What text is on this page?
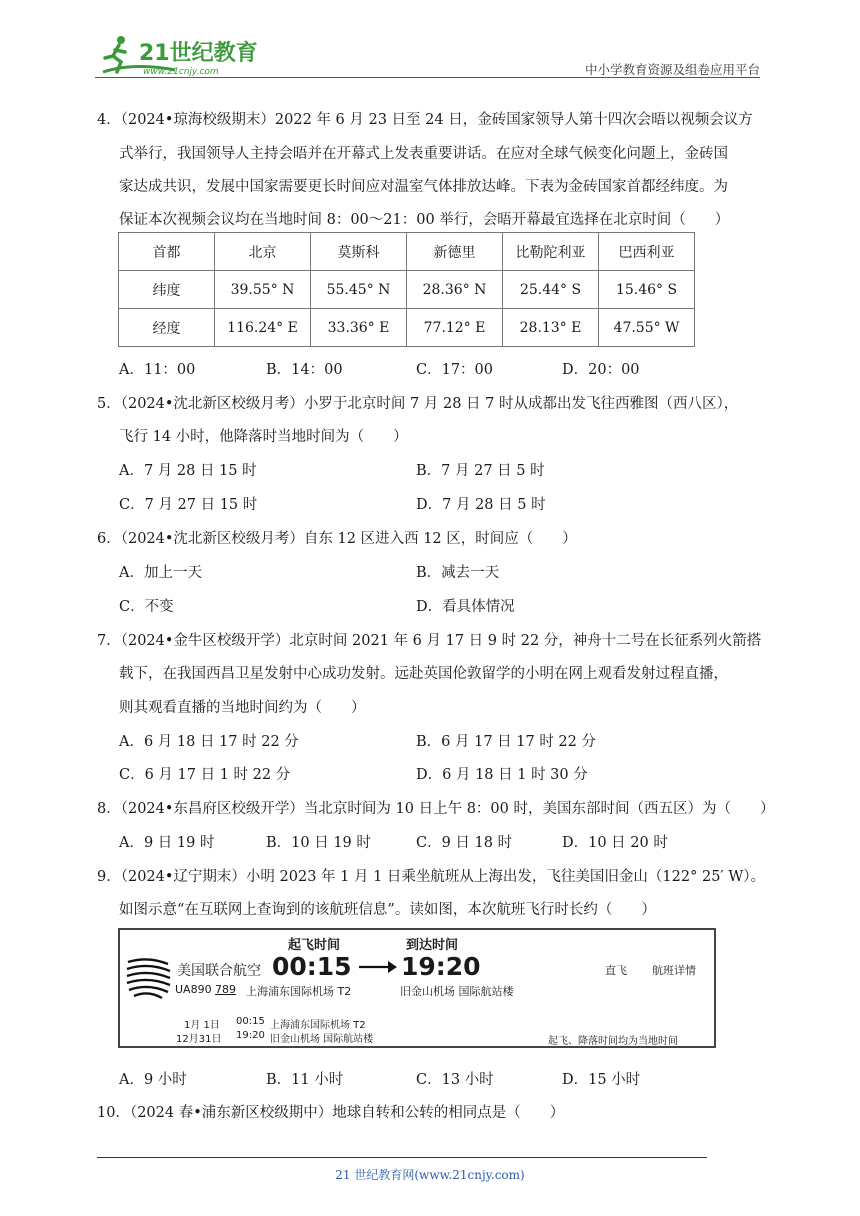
21世纪教育
www.21cnjy.com	中小学教育资源及组卷应用平台
4．（2024•琼海校级期末）2022 年 6 月 23 日至 24 日，金砖国家领导人第十四次会晤以视频会议方
式举行，我国领导人主持会晤并在开幕式上发表重要讲话。在应对全球气候变化问题上，金砖国
家达成共识，发展中国家需要更长时间应对温室气体排放达峰。下表为金砖国家首都经纬度。为
保证本次视频会议均在当地时间 8：00～21：00 举行，会晤开幕最宜选择在北京时间（　　）
首都	北京	莫斯科	新德里	比勒陀利亚	巴西利亚
纬度	39.55° N	55.45° N	28.36° N	25.44° S	15.46° S
经度	116.24° E	33.36° E	77.12° E	28.13° E	47.55° W
A．11：00	B．14：00	C．17：00	D．20：00
5．（2024•沈北新区校级月考）小罗于北京时间 7 月 28 日 7 时从成都出发飞往西雅图（西八区），
飞行 14 小时，他降落时当地时间为（　　）
A．7 月 28 日 15 时	B．7 月 27 日 5 时
C．7 月 27 日 15 时	D．7 月 28 日 5 时
6．（2024•沈北新区校级月考）自东 12 区进入西 12 区，时间应（　　）
A．加上一天	B．减去一天
C．不变	D．看具体情况
7．（2024•金牛区校级开学）北京时间 2021 年 6 月 17 日 9 时 22 分，神舟十二号在长征系列火箭搭
载下，在我国西昌卫星发射中心成功发射。远赴英国伦敦留学的小明在网上观看发射过程直播，
则其观看直播的当地时间约为（　　）
A．6 月 18 日 17 时 22 分	B．6 月 17 日 17 时 22 分
C．6 月 17 日 1 时 22 分	D．6 月 18 日 1 时 30 分
8．（2024•东昌府区校级开学）当北京时间为 10 日上午 8：00 时，美国东部时间（西五区）为（　　）
A．9 日 19 时	B．10 日 19 时	C．9 日 18 时	D．10 日 20 时
9．（2024•辽宁期末）小明 2023 年 1 月 1 日乘坐航班从上海出发，飞往美国旧金山（122° 25′ W）。
如图示意“在互联网上查询到的该航班信息”。读如图，本次航班飞行时长约（　　）
起飞时间	到达时间
美国联合航空 00:15 19:20	直飞 航班详情
UA890 789 上海浦东国际机场 T2	旧金山机场 国际航站楼
1月 1日 00:15 上海浦东国际机场 T2
12月31日 19:20 旧金山机场 国际航站楼	起飞、降落时间均为当地时间
A．9 小时	B．11 小时	C．13 小时	D．15 小时
10．（2024 春•浦东新区校级期中）地球自转和公转的相同点是（　　）
21 世纪教育网(www.21cnjy.com)
